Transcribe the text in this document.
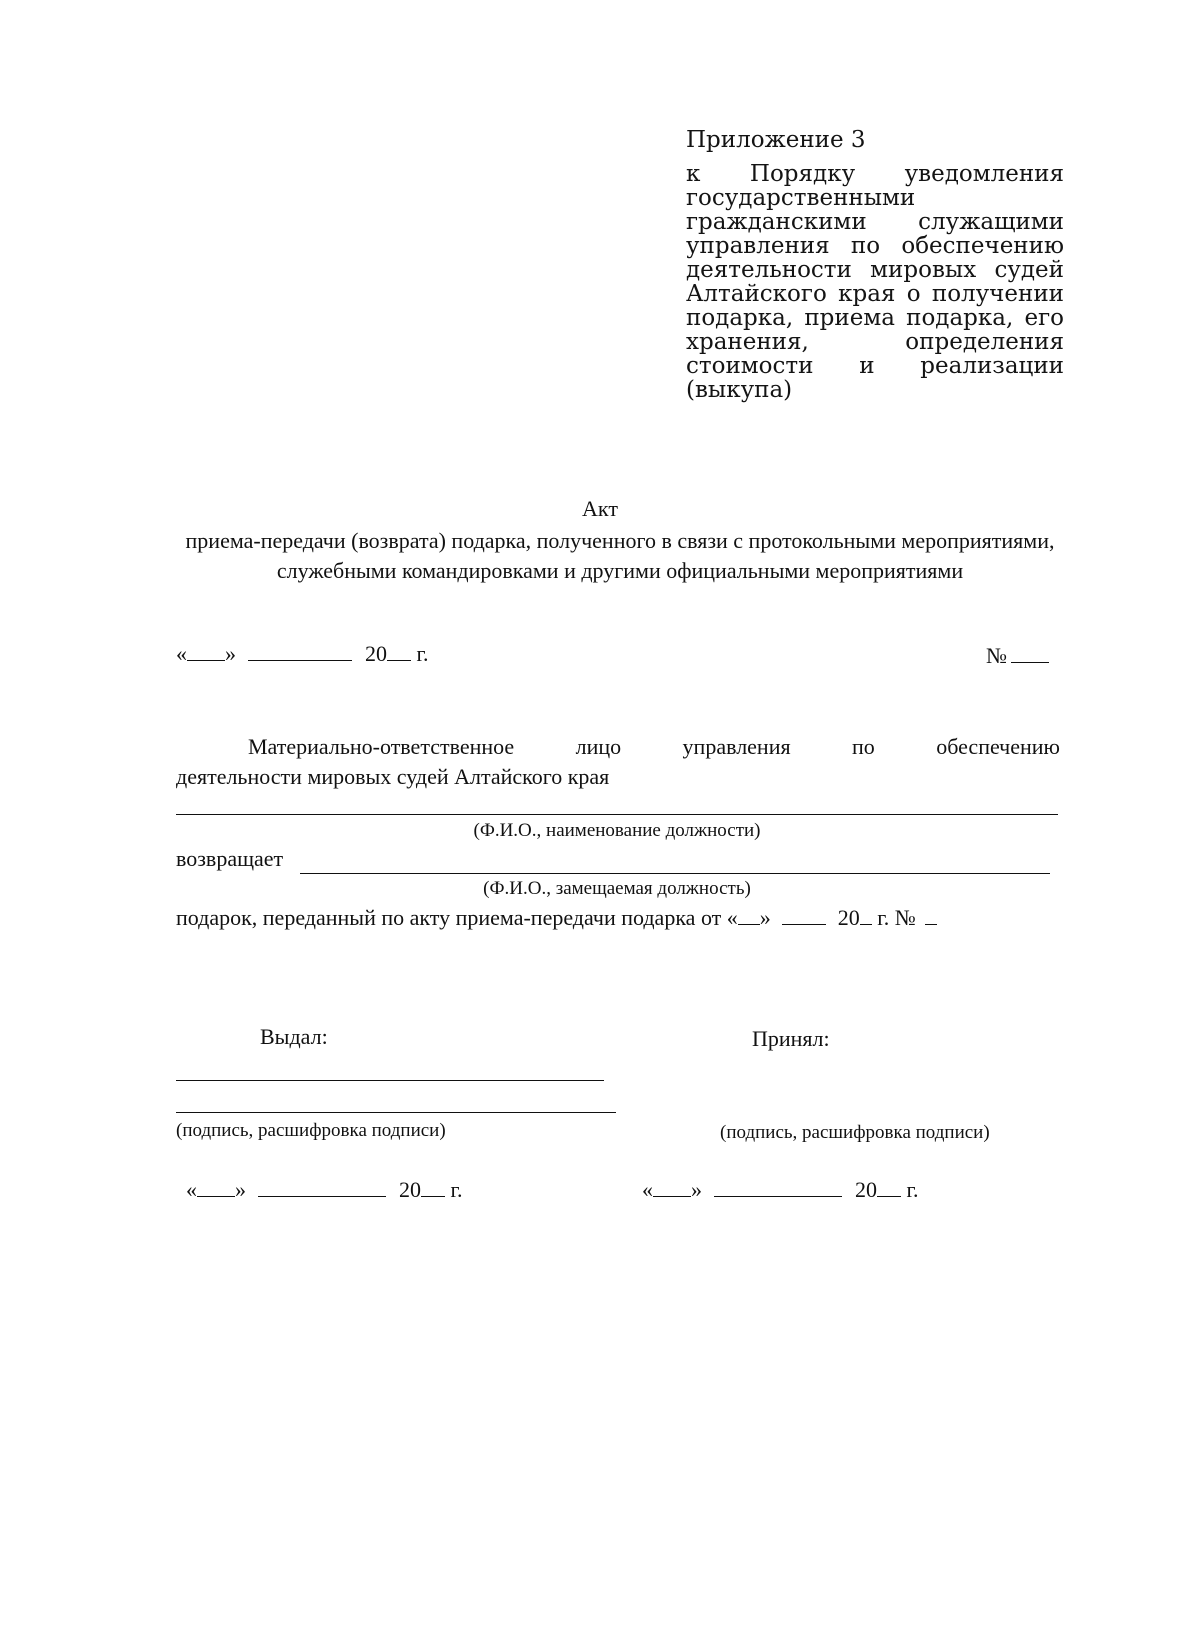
Приложение 3
к Порядку уведомления государственными гражданскими служащими управления по обеспечению деятельности мировых судей Алтайского края о получении подарка, приема подарка, его хранения, определения стоимости и реализации (выкупа)
Акт
приема-передачи (возврата) подарка, полученного в связи с протокольными мероприятиями, служебными командировками и другими официальными мероприятиями
« »	20 г.	№
Материально-ответственное лицо управления по обеспечению
деятельности мировых судей Алтайского края
(Ф.И.О., наименование должности)
возвращает
(Ф.И.О., замещаемая должность)
подарок, переданный по акту приема-передачи подарка от « »	20 г. №
Выдал:	Принял:
(подпись, расшифровка подписи)	(подпись, расшифровка подписи)
« »	20 г.	« »	20 г.
